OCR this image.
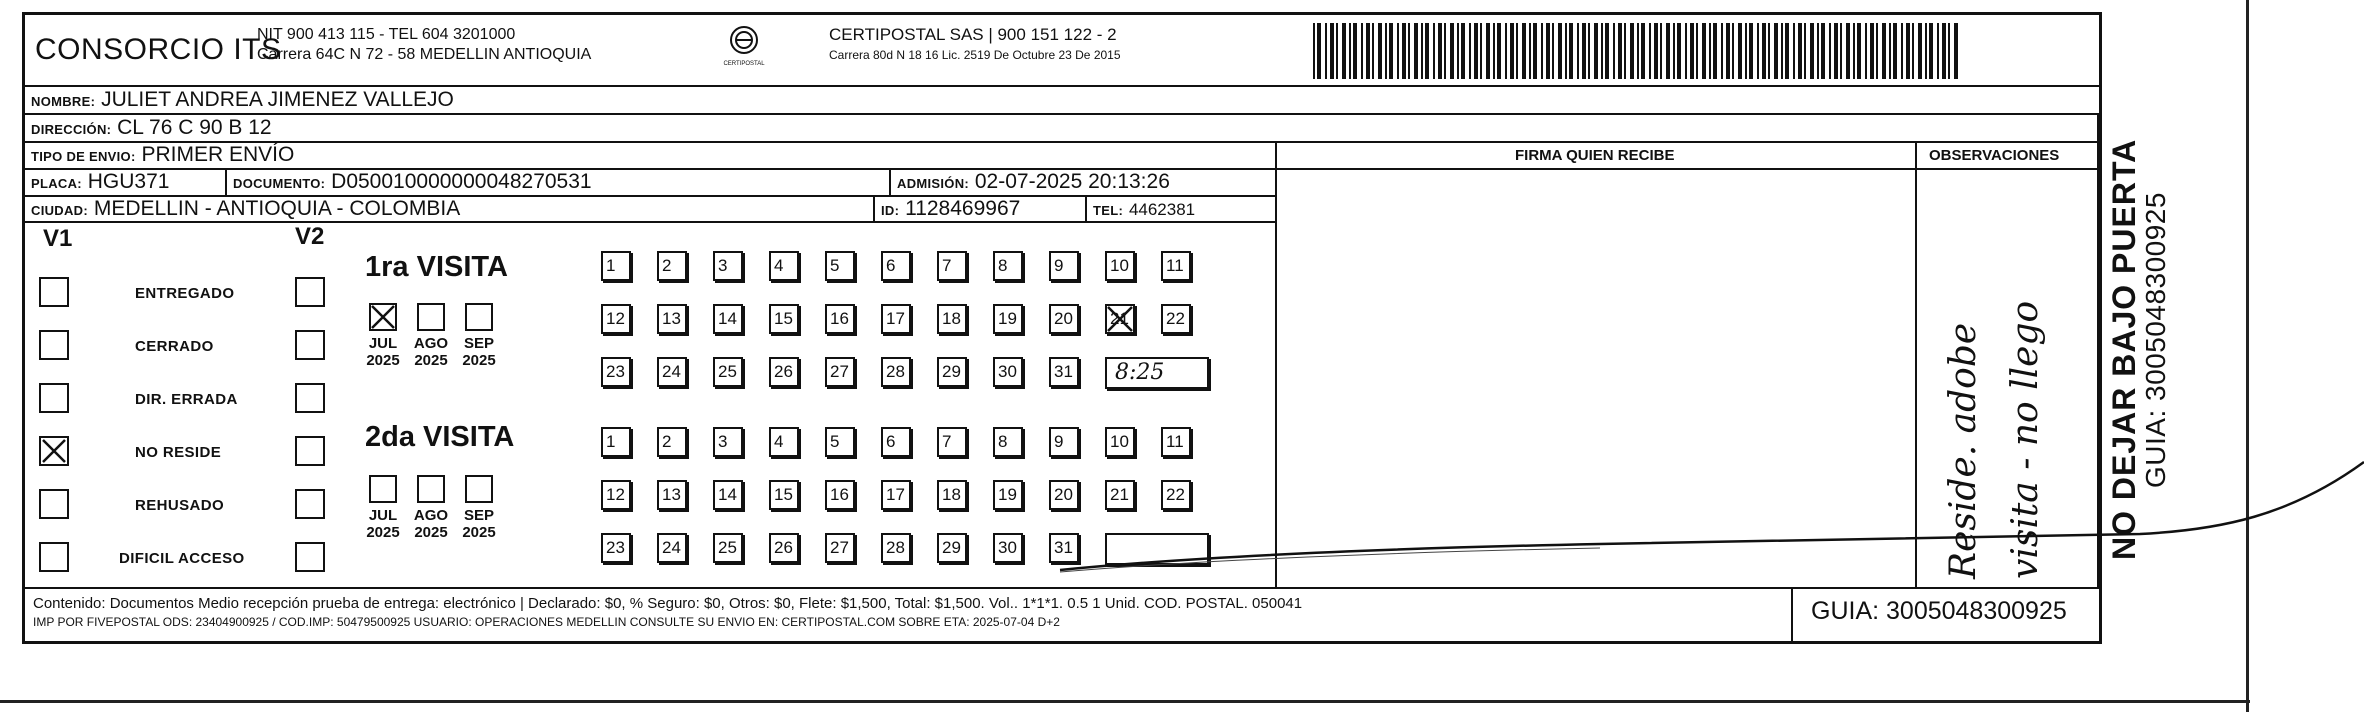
CONSORCIO ITS
NIT 900 413 115 - TEL 604 3201000
Carrera 64C N 72 - 58 MEDELLIN ANTIOQUIA
CERTIPOSTAL
CERTIPOSTAL SAS | 900 151 122 - 2
Carrera 80d N 18 16 Lic. 2519 De Octubre 23 De 2015
NOMBRE: JULIET ANDREA JIMENEZ VALLEJO
DIRECCIÓN: CL 76 C 90 B 12
TIPO DE ENVIO: PRIMER ENVÍO
PLACA: HGU371	DOCUMENTO: D050010000000048270531	ADMISIÓN: 02-07-2025 20:13:26
CIUDAD: MEDELLIN - ANTIOQUIA - COLOMBIA	ID: 1128469967	TEL: 4462381
FIRMA QUIEN RECIBE	OBSERVACIONES
V1	V2
ENTREGADO
CERRADO
DIR. ERRADA
NO RESIDE
REHUSADO
DIFICIL ACCESO
1ra VISITA
2da VISITA
JUL
2025
AGO
2025
SEP
2025
JUL
2025
AGO
2025
SEP
2025
1	2	3	4	5	6	7	8	9	10	11
12	13	14	15	16	17	18	19	20	21	22
23	24	25	26	27	28	29	30	31	8:25
1	2	3	4	5	6	7	8	9	10	11
12	13	14	15	16	17	18	19	20	21	22
23	24	25	26	27	28	29	30	31	Reside. adobe visita - no llego
Contenido: Documentos Medio recepción prueba de entrega: electrónico | Declarado: $0, % Seguro: $0, Otros: $0, Flete: $1,500, Total: $1,500. Vol.. 1*1*1. 0.5 1 Unid. COD. POSTAL. 050041
IMP POR FIVEPOSTAL ODS: 23404900925 / COD.IMP: 50479500925 USUARIO: OPERACIONES MEDELLIN CONSULTE SU ENVIO EN: CERTIPOSTAL.COM SOBRE ETA: 2025-07-04 D+2	GUIA: 3005048300925
NO DEJAR BAJO PUERTA
GUIA: 3005048300925
